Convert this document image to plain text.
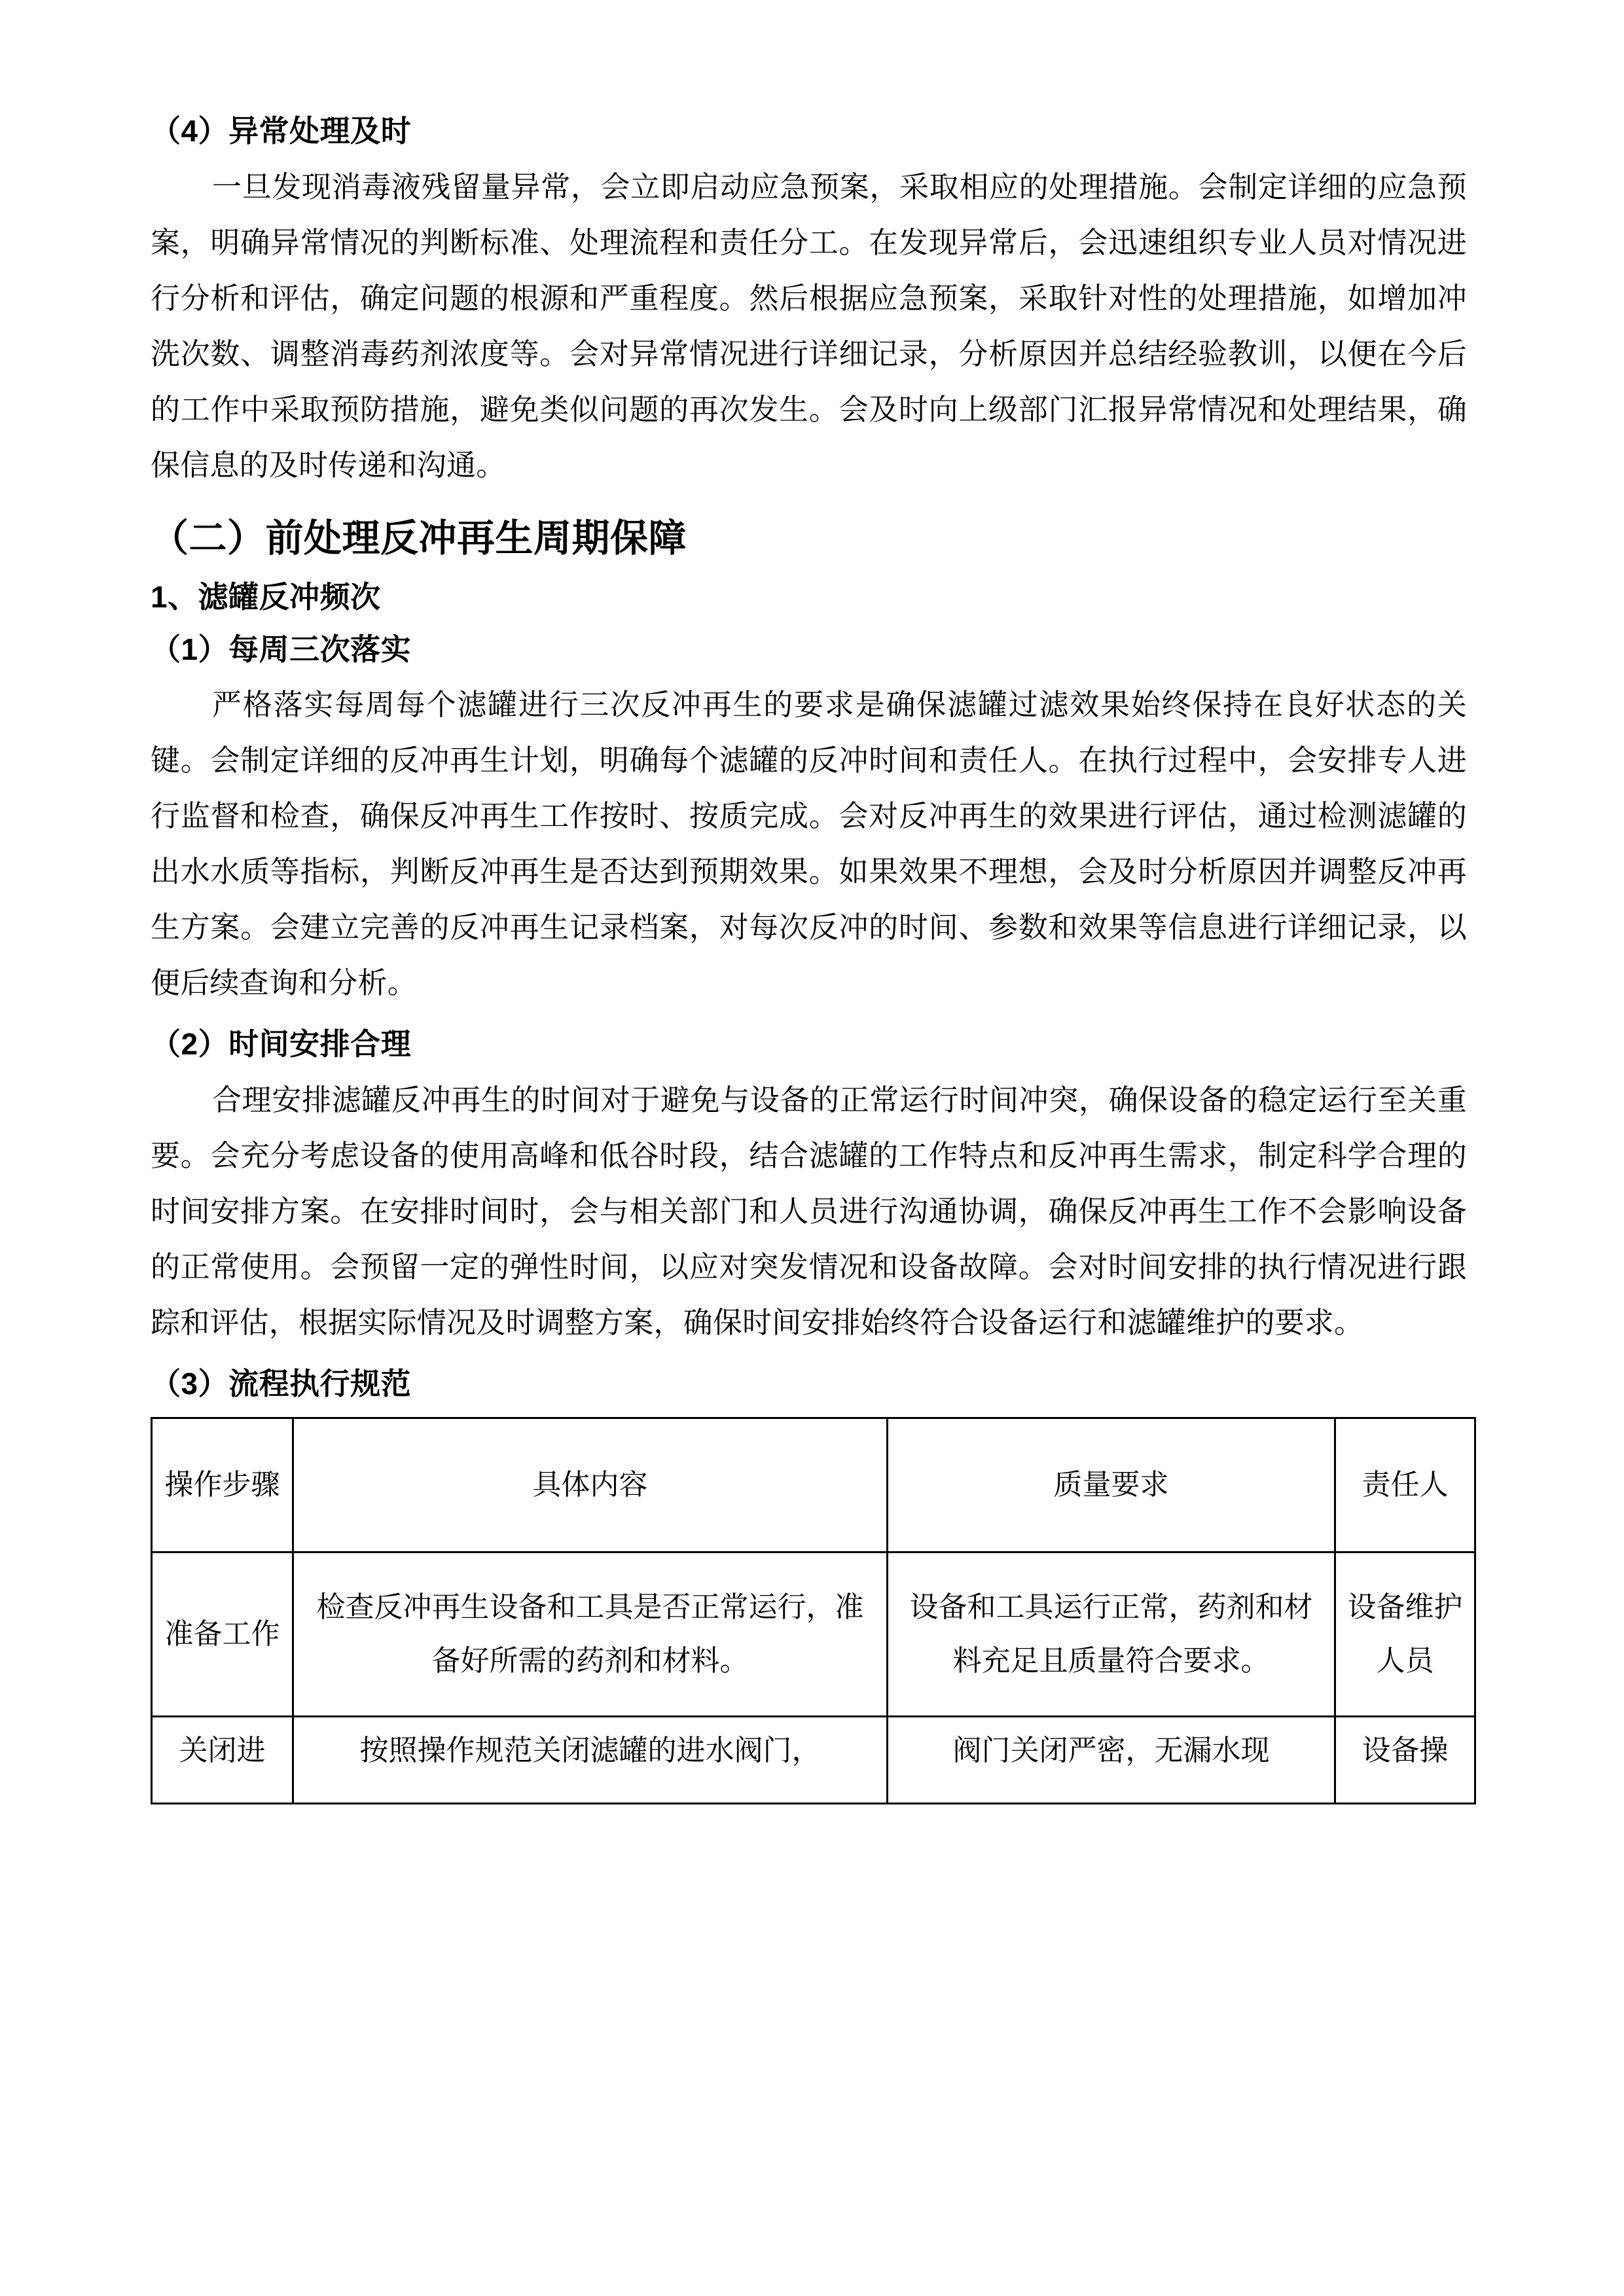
（4）异常处理及时

一旦发现消毒液残留量异常，会立即启动应急预案，采取相应的处理措施。会制定详细的应急预案，明确异常情况的判断标准、处理流程和责任分工。在发现异常后，会迅速组织专业人员对情况进行分析和评估，确定问题的根源和严重程度。然后根据应急预案，采取针对性的处理措施，如增加冲洗次数、调整消毒药剂浓度等。会对异常情况进行详细记录，分析原因并总结经验教训，以便在今后的工作中采取预防措施，避免类似问题的再次发生。会及时向上级部门汇报异常情况和处理结果，确保信息的及时传递和沟通。

（二）前处理反冲再生周期保障
1、滤罐反冲频次
（1）每周三次落实

严格落实每周每个滤罐进行三次反冲再生的要求是确保滤罐过滤效果始终保持在良好状态的关键。会制定详细的反冲再生计划，明确每个滤罐的反冲时间和责任人。在执行过程中，会安排专人进行监督和检查，确保反冲再生工作按时、按质完成。会对反冲再生的效果进行评估，通过检测滤罐的出水水质等指标，判断反冲再生是否达到预期效果。如果效果不理想，会及时分析原因并调整反冲再生方案。会建立完善的反冲再生记录档案，对每次反冲的时间、参数和效果等信息进行详细记录，以便后续查询和分析。

（2）时间安排合理

合理安排滤罐反冲再生的时间对于避免与设备的正常运行时间冲突，确保设备的稳定运行至关重要。会充分考虑设备的使用高峰和低谷时段，结合滤罐的工作特点和反冲再生需求，制定科学合理的时间安排方案。在安排时间时，会与相关部门和人员进行沟通协调，确保反冲再生工作不会影响设备的正常使用。会预留一定的弹性时间，以应对突发情况和设备故障。会对时间安排的执行情况进行跟踪和评估，根据实际情况及时调整方案，确保时间安排始终符合设备运行和滤罐维护的要求。

（3）流程执行规范
操作步骤	具体内容	质量要求	责任人
准备工作	检查反冲再生设备和工具是否正常运行，准备好所需的药剂和材料。	设备和工具运行正常，药剂和材料充足且质量符合要求。	设备维护人员

关闭进	按照操作规范关闭滤罐的进水阀门，	阀门关闭严密，无漏水现	设备操
